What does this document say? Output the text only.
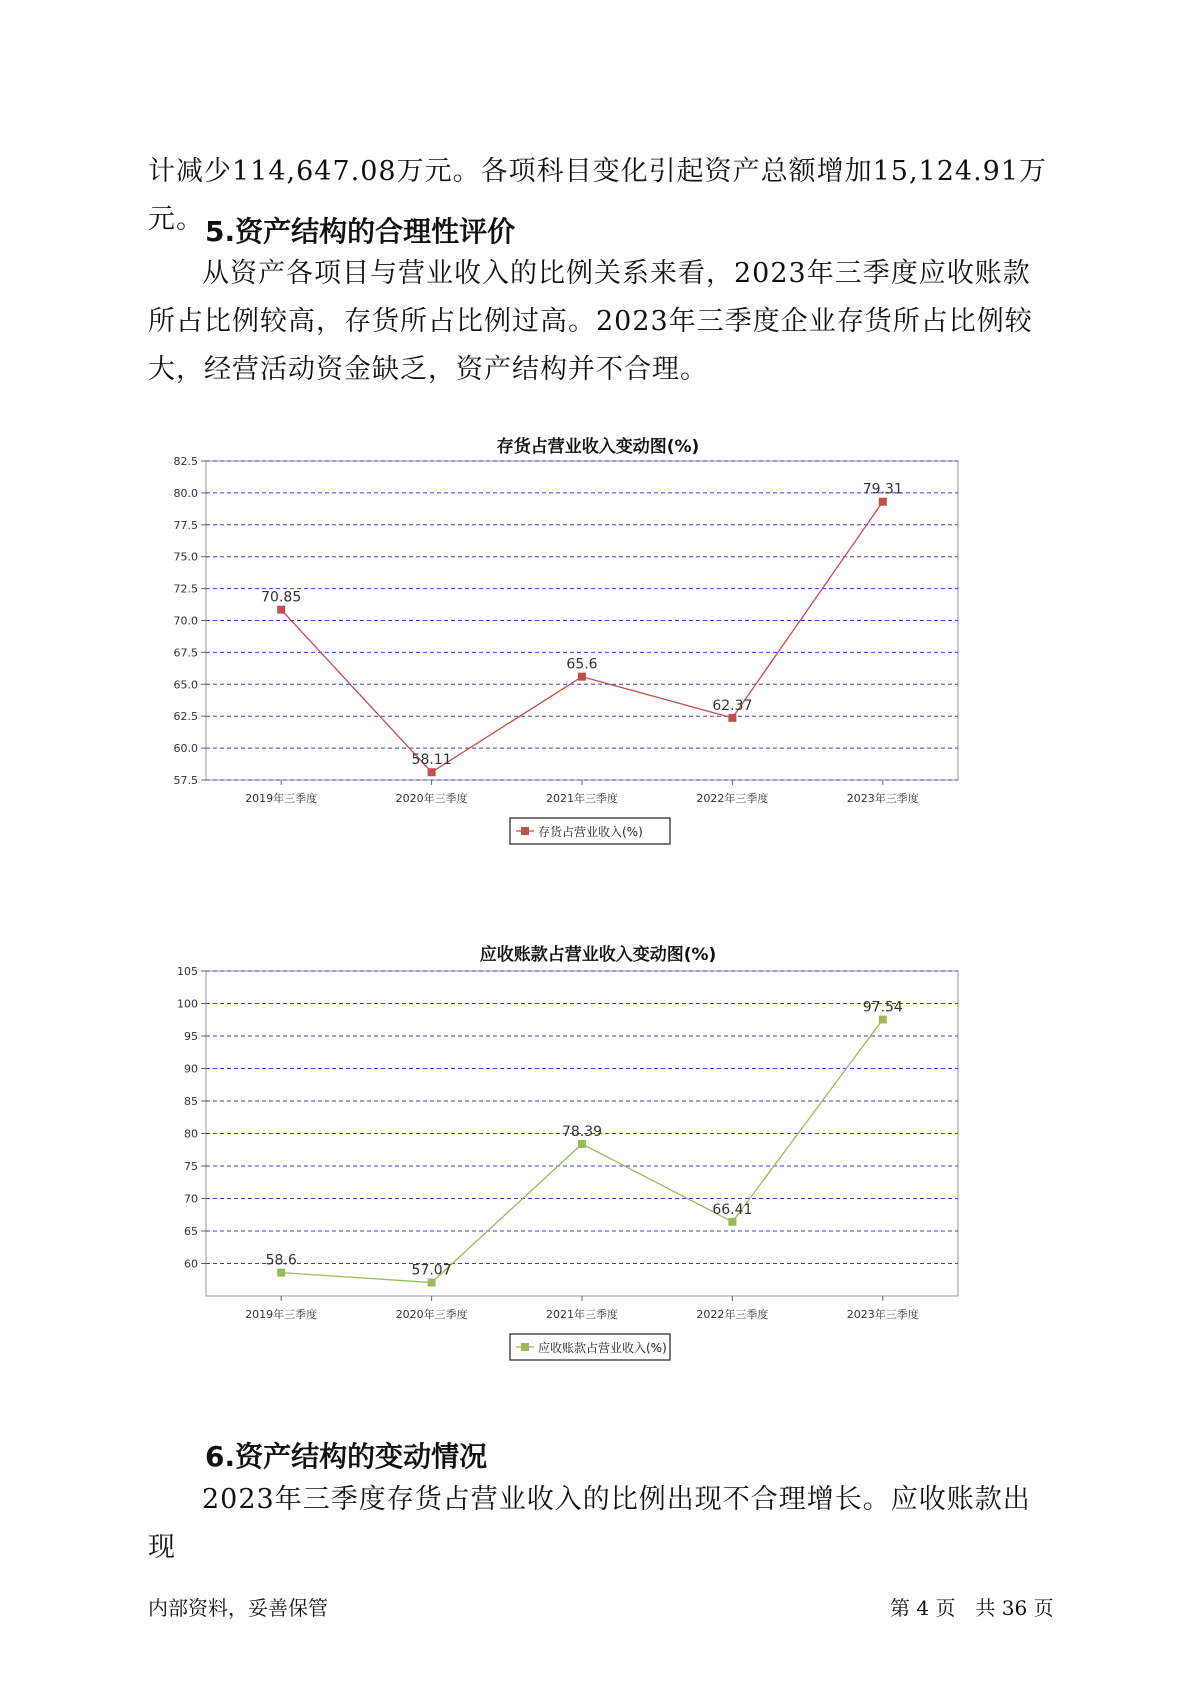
计减少114,647.08万元。各项科目变化引起资产总额增加15,124.91万元。 5.资产结构的合理性评价

从资产各项目与营业收入的比例关系来看，2023年三季度应收账款所占比例较高，存货所占比例过高。2023年三季度企业存货所占比例较大，经营活动资金缺乏，资产结构并不合理。

存货占营业收入变动图(%)
57.5
60.0
62.5
65.0
67.5
70.0
72.5
75.0
77.5
80.0
82.5
2019年三季度	2020年三季度	2021年三季度	2022年三季度	2023年三季度
70.85
58.11
65.6
62.37
79.31
存货占营业收入(%)
应收账款占营业收入变动图(%)
60
65
70
75
80
85
90
95
100
105
2019年三季度	2020年三季度	2021年三季度	2022年三季度	2023年三季度
58.6
57.07
78.39
66.41
97.54
应收账款占营业收入(%)
6.资产结构的变动情况

2023年三季度存货占营业收入的比例出现不合理增长。应收账款出现

内部资料，妥善保管	第 4 页　共 36 页
